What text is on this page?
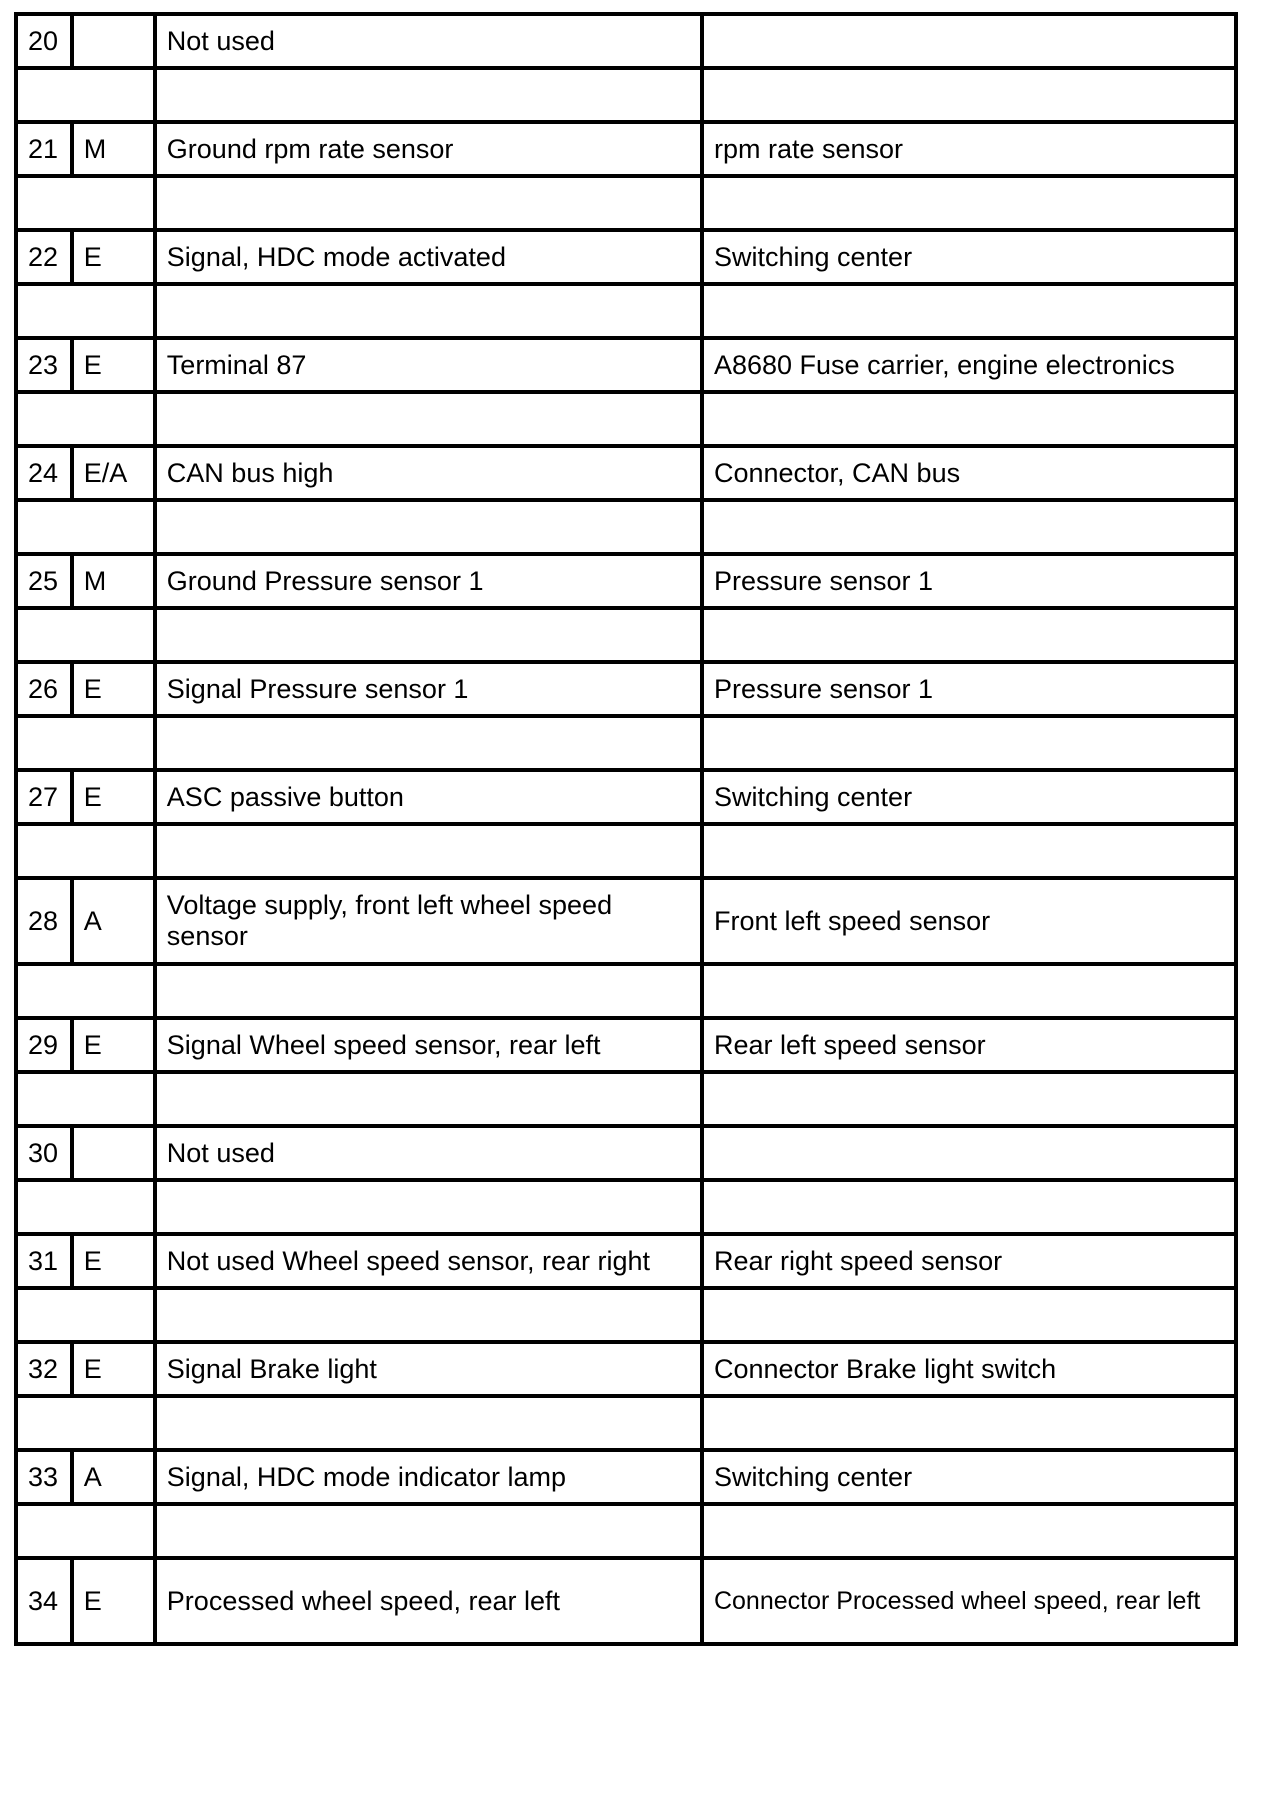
20		Not used	

21	M	Ground rpm rate sensor	rpm rate sensor

22	E	Signal, HDC mode activated	Switching center

23	E	Terminal 87	A8680 Fuse carrier, engine electronics

24	E/A	CAN bus high	Connector, CAN bus

25	M	Ground Pressure sensor 1	Pressure sensor 1

26	E	Signal Pressure sensor 1	Pressure sensor 1

27	E	ASC passive button	Switching center

28	A	Voltage supply, front left wheel speed sensor	Front left speed sensor

29	E	Signal Wheel speed sensor, rear left	Rear left speed sensor

30		Not used	

31	E	Not used Wheel speed sensor, rear right	Rear right speed sensor

32	E	Signal Brake light	Connector Brake light switch

33	A	Signal, HDC mode indicator lamp	Switching center

34	E	Processed wheel speed, rear left	Connector Processed wheel speed, rear left
